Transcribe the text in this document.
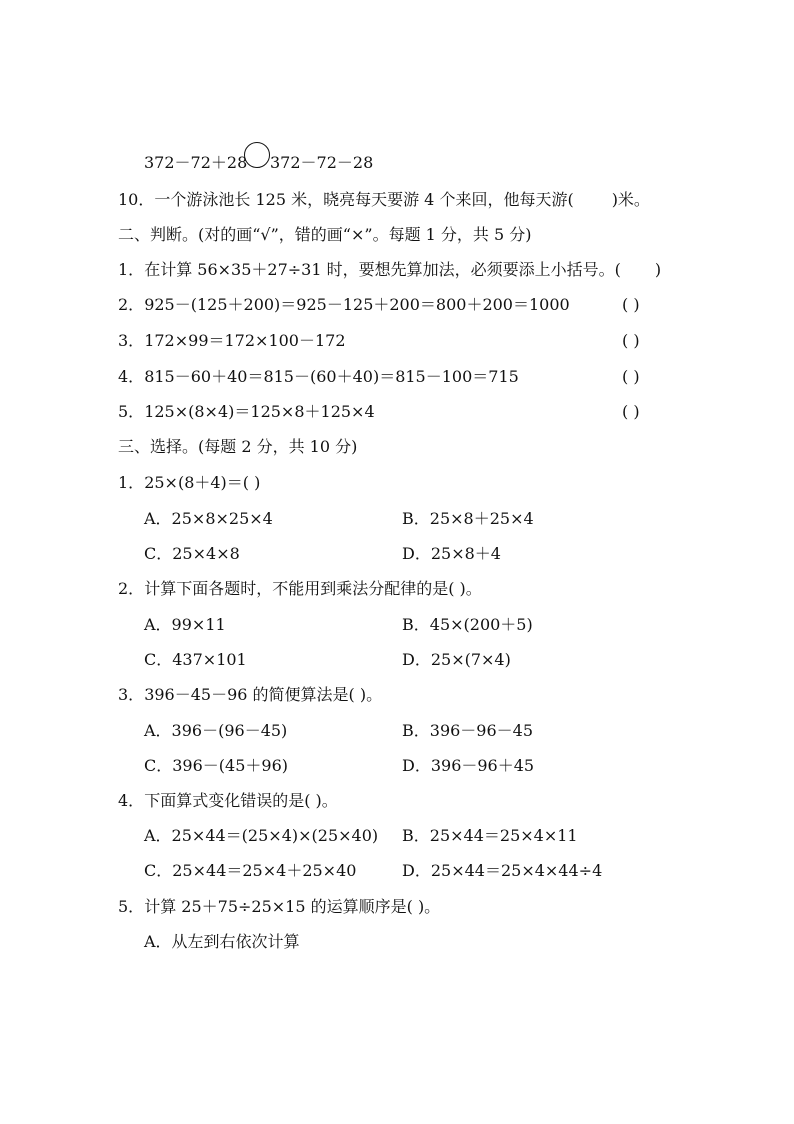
372－72＋28 372－72－28
10．一个游泳池长 125 米，晓亮每天要游 4 个来回，他每天游( )米。
二、判断。(对的画“√”，错的画“×”。每题 1 分，共 5 分)
1．在计算 56×35＋27÷31 时，要想先算加法，必须要添上小括号。( )
2．925－(125＋200)＝925－125＋200＝800＋200＝1000	( )
3．172×99＝172×100－172	( )
4．815－60＋40＝815－(60＋40)＝815－100＝715	( )
5．125×(8×4)＝125×8＋125×4	( )
三、选择。(每题 2 分，共 10 分)
1．25×(8＋4)＝( )
A．25×8×25×4	B．25×8＋25×4
C．25×4×8	D．25×8＋4
2．计算下面各题时，不能用到乘法分配律的是( )。
A．99×11	B．45×(200＋5)
C．437×101	D．25×(7×4)
3．396－45－96 的简便算法是( )。
A．396－(96－45)	B．396－96－45
C．396－(45＋96)	D．396－96＋45
4．下面算式变化错误的是( )。
A．25×44＝(25×4)×(25×40) B．25×44＝25×4×11
C．25×44＝25×4＋25×40	D．25×44＝25×4×44÷4
5．计算 25＋75÷25×15 的运算顺序是( )。
A．从左到右依次计算
